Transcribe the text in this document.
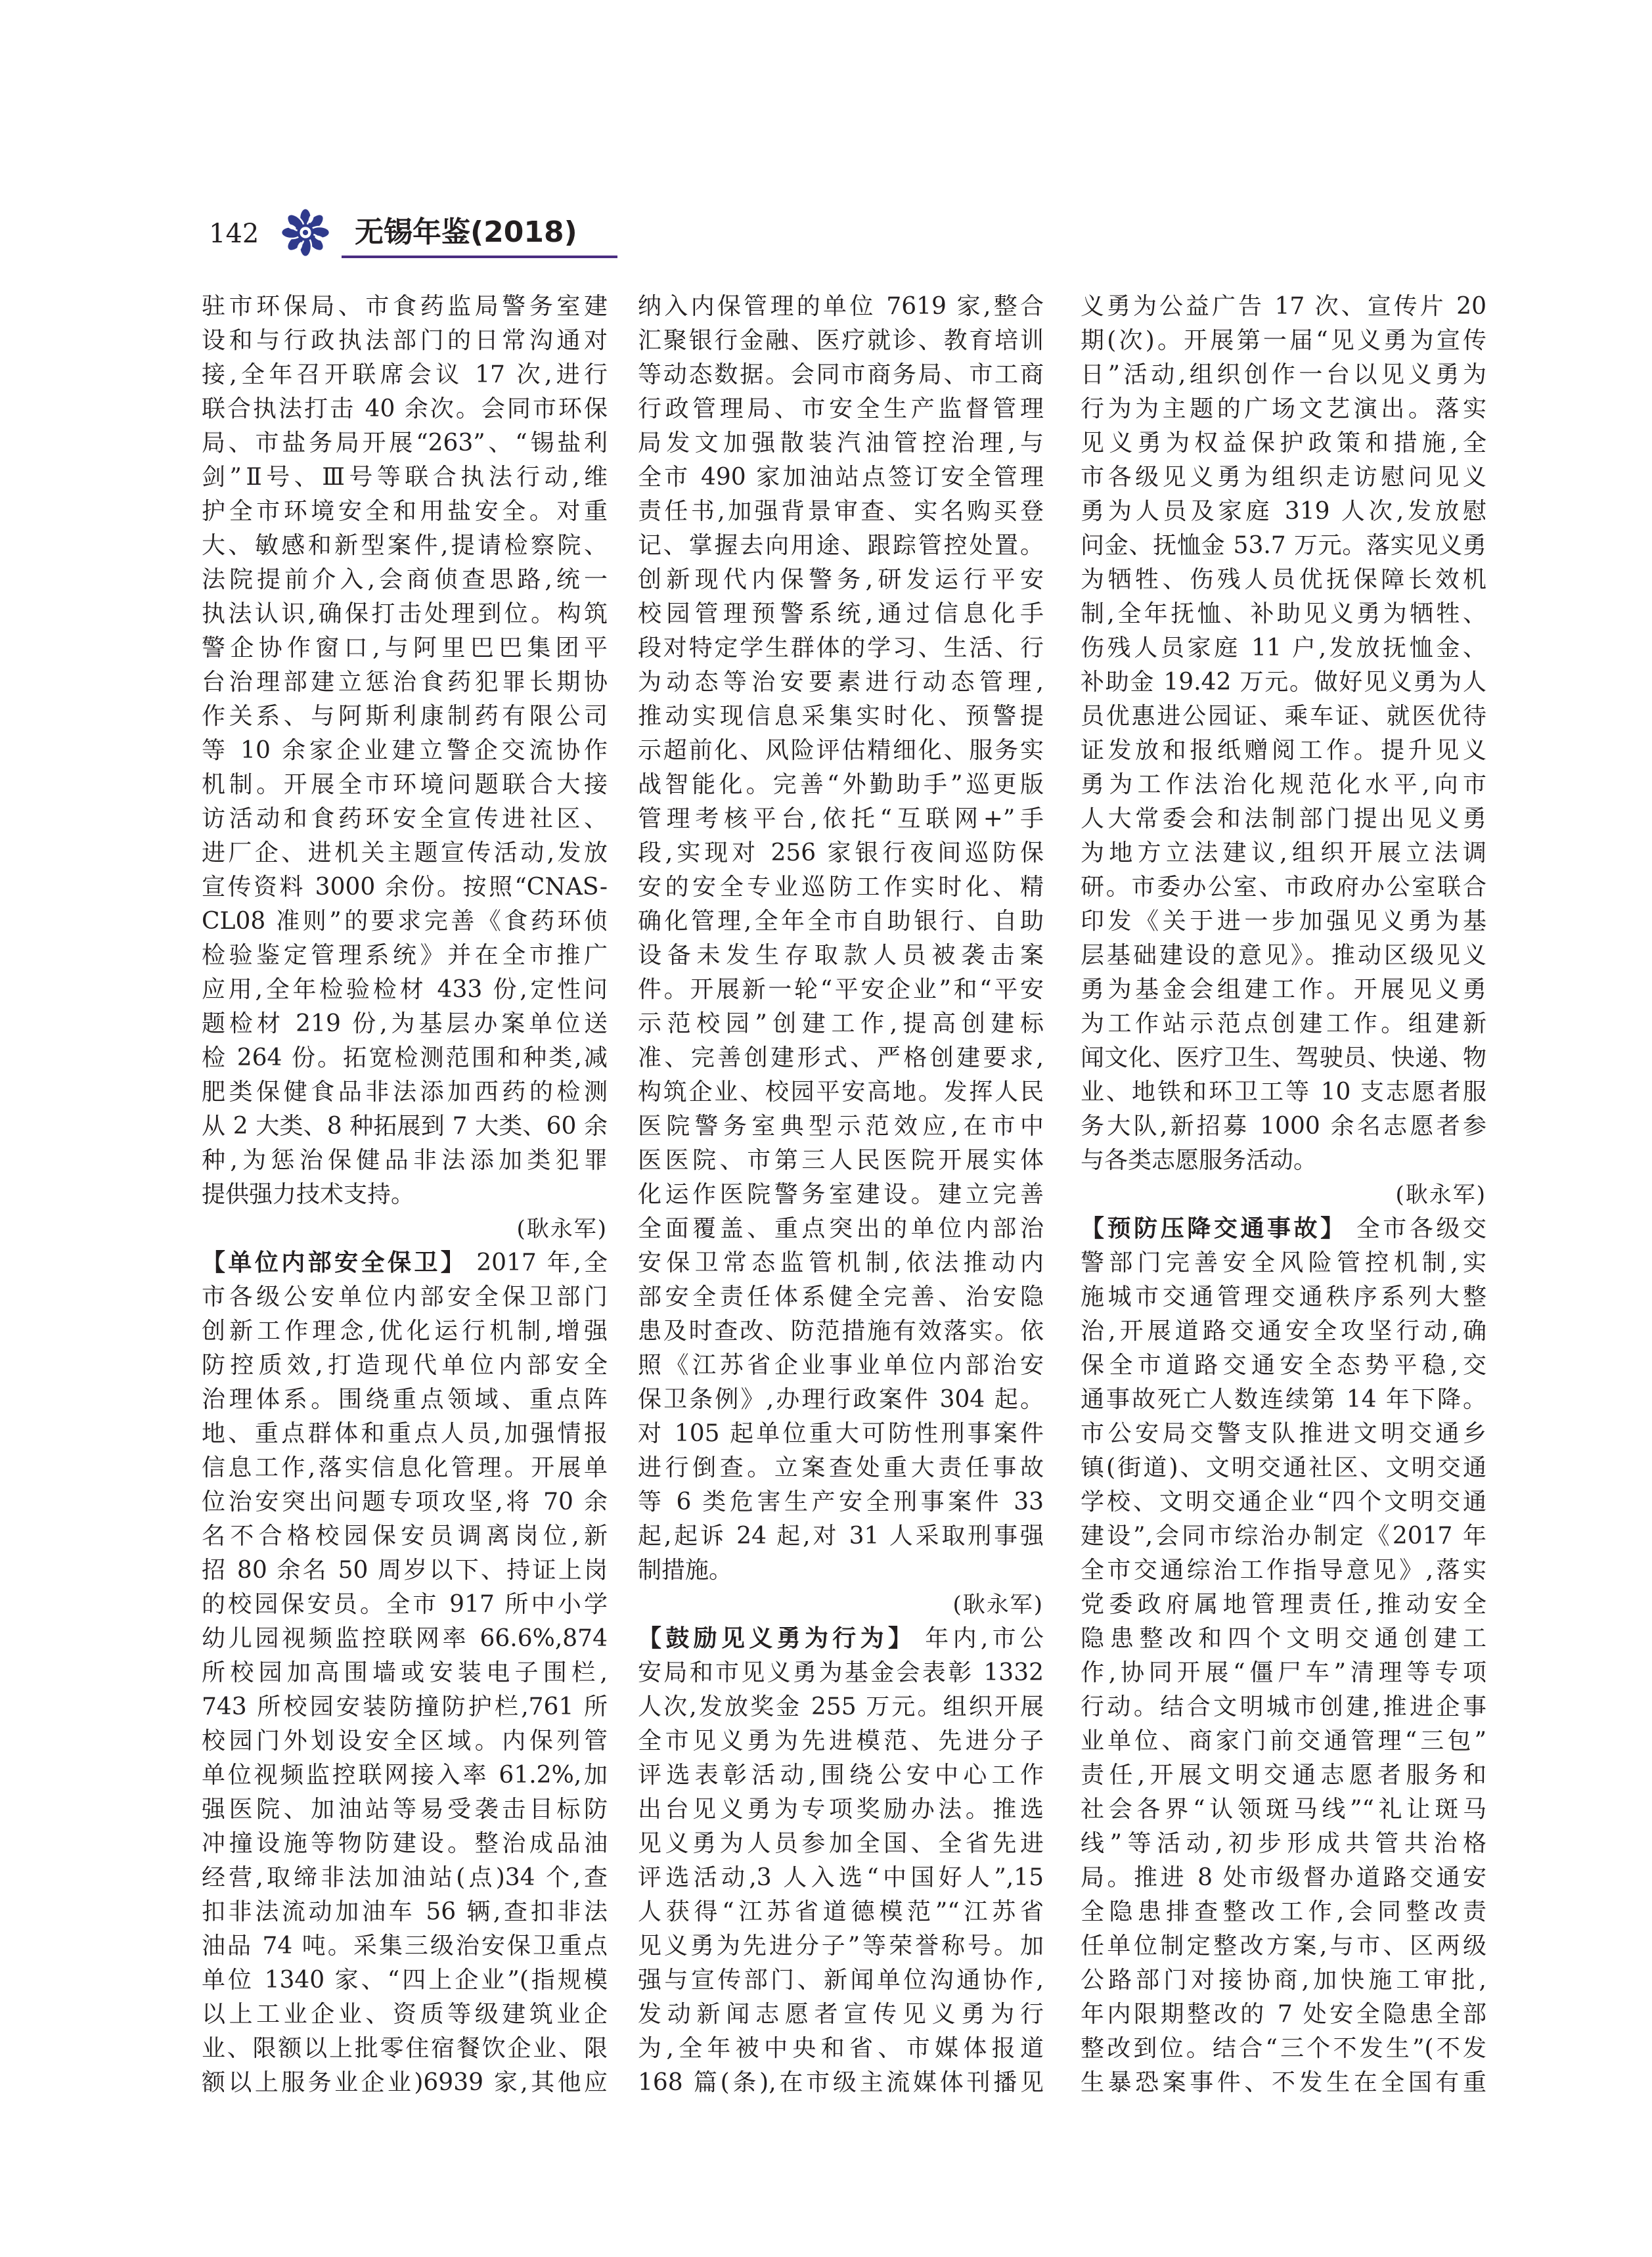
142	无锡年鉴(2018)
驻市环保局、市食药监局警务室建
设和与行政执法部门的日常沟通对
接,全年召开联席会议 17 次,进行
联合执法打击 40 余次。会同市环保
局、市盐务局开展“263”、“锡盐利
剑”Ⅱ号、Ⅲ号等联合执法行动,维
护全市环境安全和用盐安全。对重
大、敏感和新型案件,提请检察院、
法院提前介入,会商侦查思路,统一
执法认识,确保打击处理到位。构筑
警企协作窗口,与阿里巴巴集团平
台治理部建立惩治食药犯罪长期协
作关系、与阿斯利康制药有限公司
等 10 余家企业建立警企交流协作
机制。开展全市环境问题联合大接
访活动和食药环安全宣传进社区、
进厂企、进机关主题宣传活动,发放
宣传资料 3000 余份。按照“CNAS-
CL08 准则”的要求完善《食药环侦
检验鉴定管理系统》并在全市推广
应用,全年检验检材 433 份,定性问
题检材 219 份,为基层办案单位送
检 264 份。拓宽检测范围和种类,减
肥类保健食品非法添加西药的检测
从 2 大类、8 种拓展到 7 大类、60 余
种,为惩治保健品非法添加类犯罪
提供强力技术支持。
(耿永军)
【单位内部安全保卫】 2017 年,全
市各级公安单位内部安全保卫部门
创新工作理念,优化运行机制,增强
防控质效,打造现代单位内部安全
治理体系。围绕重点领域、重点阵
地、重点群体和重点人员,加强情报
信息工作,落实信息化管理。开展单
位治安突出问题专项攻坚,将 70 余
名不合格校园保安员调离岗位,新
招 80 余名 50 周岁以下、持证上岗
的校园保安员。全市 917 所中小学
幼儿园视频监控联网率 66.6%,874
所校园加高围墙或安装电子围栏,
743 所校园安装防撞防护栏,761 所
校园门外划设安全区域。内保列管
单位视频监控联网接入率 61.2%,加
强医院、加油站等易受袭击目标防
冲撞设施等物防建设。整治成品油
经营,取缔非法加油站(点)34 个,查
扣非法流动加油车 56 辆,查扣非法
油品 74 吨。采集三级治安保卫重点
单位 1340 家、“四上企业”(指规模
以上工业企业、资质等级建筑业企
业、限额以上批零住宿餐饮企业、限
额以上服务业企业)6939 家,其他应
纳入内保管理的单位 7619 家,整合
汇聚银行金融、医疗就诊、教育培训
等动态数据。会同市商务局、市工商
行政管理局、市安全生产监督管理
局发文加强散装汽油管控治理,与
全市 490 家加油站点签订安全管理
责任书,加强背景审查、实名购买登
记、掌握去向用途、跟踪管控处置。
创新现代内保警务,研发运行平安
校园管理预警系统,通过信息化手
段对特定学生群体的学习、生活、行
为动态等治安要素进行动态管理,
推动实现信息采集实时化、预警提
示超前化、风险评估精细化、服务实
战智能化。完善“外勤助手”巡更版
管理考核平台,依托“互联网+”手
段,实现对 256 家银行夜间巡防保
安的安全专业巡防工作实时化、精
确化管理,全年全市自助银行、自助
设备未发生存取款人员被袭击案
件。开展新一轮“平安企业”和“平安
示范校园”创建工作,提高创建标
准、完善创建形式、严格创建要求,
构筑企业、校园平安高地。发挥人民
医院警务室典型示范效应,在市中
医医院、市第三人民医院开展实体
化运作医院警务室建设。建立完善
全面覆盖、重点突出的单位内部治
安保卫常态监管机制,依法推动内
部安全责任体系健全完善、治安隐
患及时查改、防范措施有效落实。依
照《江苏省企业事业单位内部治安
保卫条例》,办理行政案件 304 起。
对 105 起单位重大可防性刑事案件
进行倒查。立案查处重大责任事故
等 6 类危害生产安全刑事案件 33
起,起诉 24 起,对 31 人采取刑事强
制措施。
(耿永军)
【鼓励见义勇为行为】 年内,市公
安局和市见义勇为基金会表彰 1332
人次,发放奖金 255 万元。组织开展
全市见义勇为先进模范、先进分子
评选表彰活动,围绕公安中心工作
出台见义勇为专项奖励办法。推选
见义勇为人员参加全国、全省先进
评选活动,3 人入选“中国好人”,15
人获得“江苏省道德模范”“江苏省
见义勇为先进分子”等荣誉称号。加
强与宣传部门、新闻单位沟通协作,
发动新闻志愿者宣传见义勇为行
为,全年被中央和省、市媒体报道
168 篇(条),在市级主流媒体刊播见
义勇为公益广告 17 次、宣传片 20
期(次)。开展第一届“见义勇为宣传
日”活动,组织创作一台以见义勇为
行为为主题的广场文艺演出。落实
见义勇为权益保护政策和措施,全
市各级见义勇为组织走访慰问见义
勇为人员及家庭 319 人次,发放慰
问金、抚恤金 53.7 万元。落实见义勇
为牺牲、伤残人员优抚保障长效机
制,全年抚恤、补助见义勇为牺牲、
伤残人员家庭 11 户,发放抚恤金、
补助金 19.42 万元。做好见义勇为人
员优惠进公园证、乘车证、就医优待
证发放和报纸赠阅工作。提升见义
勇为工作法治化规范化水平,向市
人大常委会和法制部门提出见义勇
为地方立法建议,组织开展立法调
研。市委办公室、市政府办公室联合
印发《关于进一步加强见义勇为基
层基础建设的意见》。推动区级见义
勇为基金会组建工作。开展见义勇
为工作站示范点创建工作。组建新
闻文化、医疗卫生、驾驶员、快递、物
业、地铁和环卫工等 10 支志愿者服
务大队,新招募 1000 余名志愿者参
与各类志愿服务活动。
(耿永军)
【预防压降交通事故】 全市各级交
警部门完善安全风险管控机制,实
施城市交通管理交通秩序系列大整
治,开展道路交通安全攻坚行动,确
保全市道路交通安全态势平稳,交
通事故死亡人数连续第 14 年下降。
市公安局交警支队推进文明交通乡
镇(街道)、文明交通社区、文明交通
学校、文明交通企业“四个文明交通
建设”,会同市综治办制定《2017 年
全市交通综治工作指导意见》,落实
党委政府属地管理责任,推动安全
隐患整改和四个文明交通创建工
作,协同开展“僵尸车”清理等专项
行动。结合文明城市创建,推进企事
业单位、商家门前交通管理“三包”
责任,开展文明交通志愿者服务和
社会各界“认领斑马线”“礼让斑马
线”等活动,初步形成共管共治格
局。推进 8 处市级督办道路交通安
全隐患排查整改工作,会同整改责
任单位制定整改方案,与市、区两级
公路部门对接协商,加快施工审批,
年内限期整改的 7 处安全隐患全部
整改到位。结合“三个不发生”(不发
生暴恐案事件、不发生在全国有重
